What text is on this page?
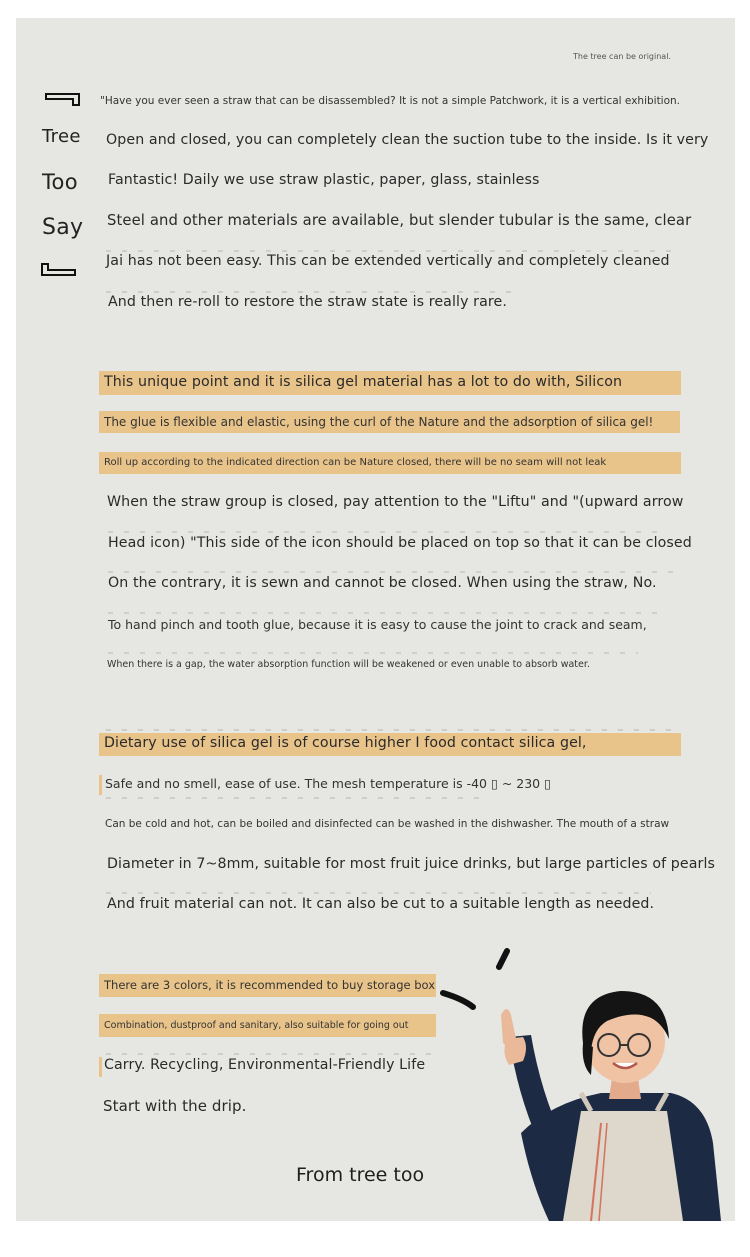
The tree can be original.
Tree
Too
Say
"Have you ever seen a straw that can be disassembled? It is not a simple Patchwork, it is a vertical exhibition.
Open and closed, you can completely clean the suction tube to the inside. Is it very
Fantastic! Daily we use straw plastic, paper, glass, stainless
Steel and other materials are available, but slender tubular is the same, clear
Jai has not been easy. This can be extended vertically and completely cleaned
And then re-roll to restore the straw state is really rare.
This unique point and it is silica gel material has a lot to do with, Silicon
The glue is flexible and elastic, using the curl of the Nature and the adsorption of silica gel!
Roll up according to the indicated direction can be Nature closed, there will be no seam will not leak
When the straw group is closed, pay attention to the "Liftu" and "(upward arrow
Head icon) "This side of the icon should be placed on top so that it can be closed
On the contrary, it is sewn and cannot be closed. When using the straw, No.
To hand pinch and tooth glue, because it is easy to cause the joint to crack and seam,
When there is a gap, the water absorption function will be weakened or even unable to absorb water.
Dietary use of silica gel is of course higher I food contact silica gel,
Safe and no smell, ease of use. The mesh temperature is -40 ▯ ~ 230 ▯
Can be cold and hot, can be boiled and disinfected can be washed in the dishwasher. The mouth of a straw
Diameter in 7~8mm, suitable for most fruit juice drinks, but large particles of pearls
And fruit material can not. It can also be cut to a suitable length as needed.
There are 3 colors, it is recommended to buy storage box
Combination, dustproof and sanitary, also suitable for going out
Carry. Recycling, Environmental-Friendly Life
Start with the drip.
From tree too
